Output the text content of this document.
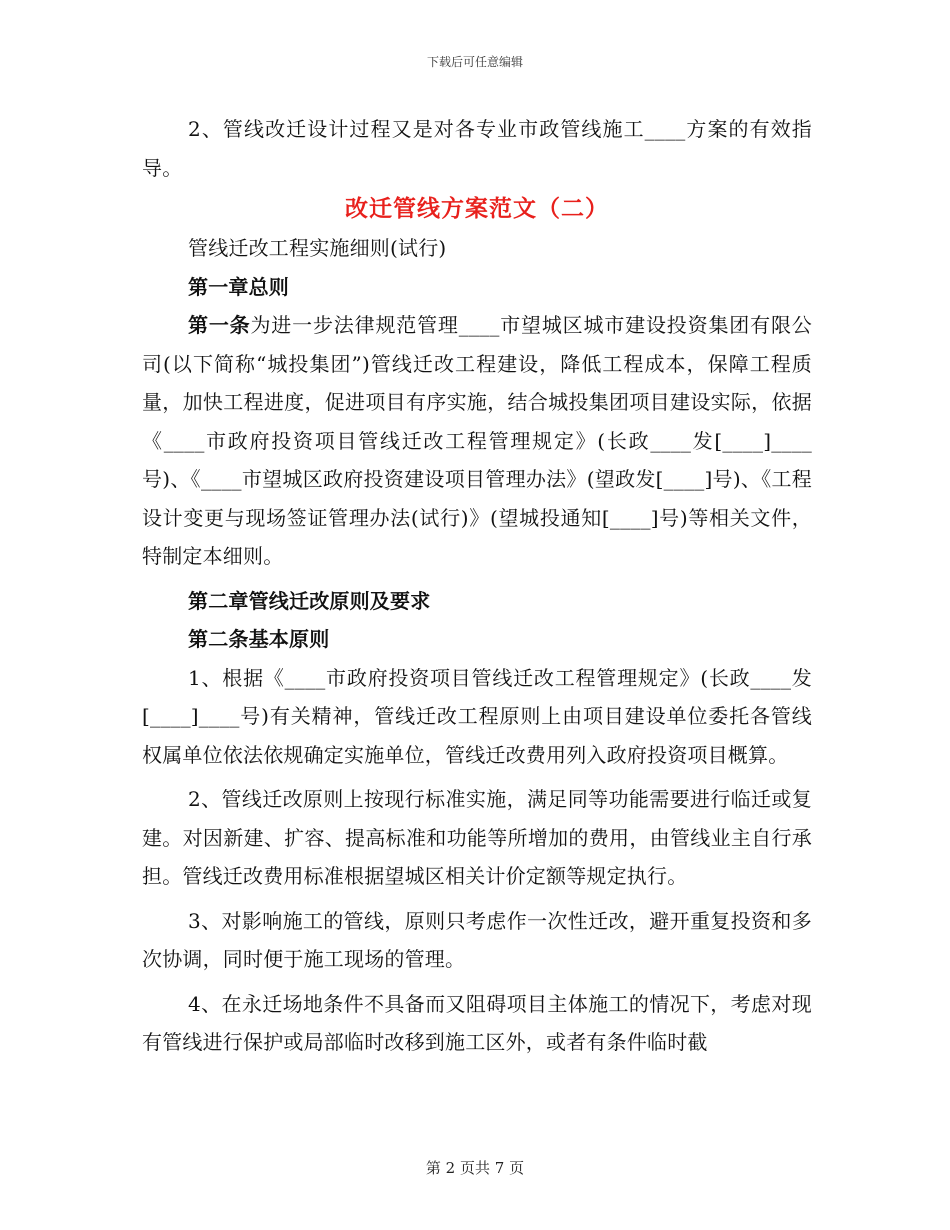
下载后可任意编辑

2、管线改迁设计过程又是对各专业市政管线施工____方案的有效指导。

改迁管线方案范文（二）

管线迁改工程实施细则(试行)

第一章总则

第一条为进一步法律规范管理____市望城区城市建设投资集团有限公司(以下简称“城投集团”)管线迁改工程建设，降低工程成本，保障工程质量，加快工程进度，促进项目有序实施，结合城投集团项目建设实际，依据《____市政府投资项目管线迁改工程管理规定》(长政____发[____]____号)、《____市望城区政府投资建设项目管理办法》(望政发[____]号)、《工程设计变更与现场签证管理办法(试行)》(望城投通知[____]号)等相关文件，特制定本细则。

第二章管线迁改原则及要求

第二条基本原则

1、根据《____市政府投资项目管线迁改工程管理规定》(长政____发[____]____号)有关精神，管线迁改工程原则上由项目建设单位委托各管线权属单位依法依规确定实施单位，管线迁改费用列入政府投资项目概算。

2、管线迁改原则上按现行标准实施，满足同等功能需要进行临迁或复建。对因新建、扩容、提高标准和功能等所增加的费用，由管线业主自行承担。管线迁改费用标准根据望城区相关计价定额等规定执行。

3、对影响施工的管线，原则只考虑作一次性迁改，避开重复投资和多次协调，同时便于施工现场的管理。

4、在永迁场地条件不具备而又阻碍项目主体施工的情况下，考虑对现有管线进行保护或局部临时改移到施工区外，或者有条件临时截

第 2 页共 7 页
